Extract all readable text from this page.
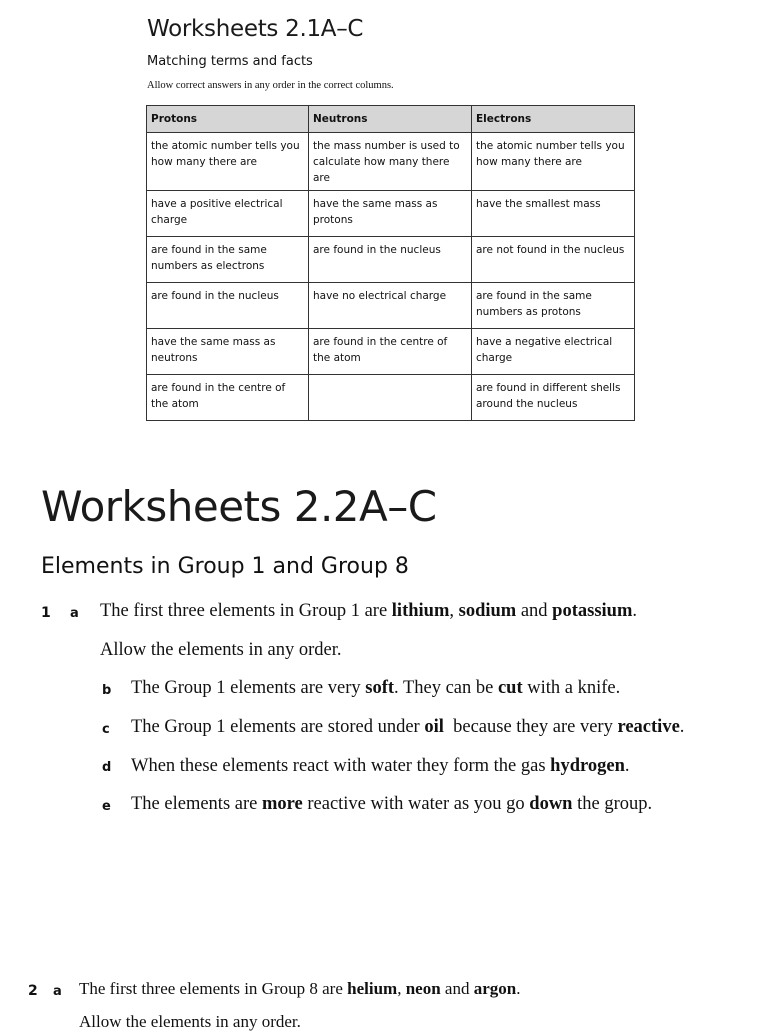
Worksheets 2.1A–C
Matching terms and facts
Allow correct answers in any order in the correct columns.
Protons	Neutrons	Electrons
the atomic number tells you how many there are	the mass number is used to calculate how many there are	the atomic number tells you how many there are
have a positive electrical charge	have the same mass as protons	have the smallest mass
are found in the same numbers as electrons	are found in the nucleus	are not found in the nucleus
are found in the nucleus	have no electrical charge	are found in the same numbers as protons
have the same mass as neutrons	are found in the centre of the atom	have a negative electrical charge
are found in the centre of the atom		are found in different shells around the nucleus
Worksheets 2.2A–C
Elements in Group 1 and Group 8
1 a The first three elements in Group 1 are lithium, sodium and potassium.
Allow the elements in any order.
b The Group 1 elements are very soft. They can be cut with a knife.
c The Group 1 elements are stored under oil  because they are very reactive.
d When these elements react with water they form the gas hydrogen.
e The elements are more reactive with water as you go down the group.
2 a The first three elements in Group 8 are helium, neon and argon.
Allow the elements in any order.
